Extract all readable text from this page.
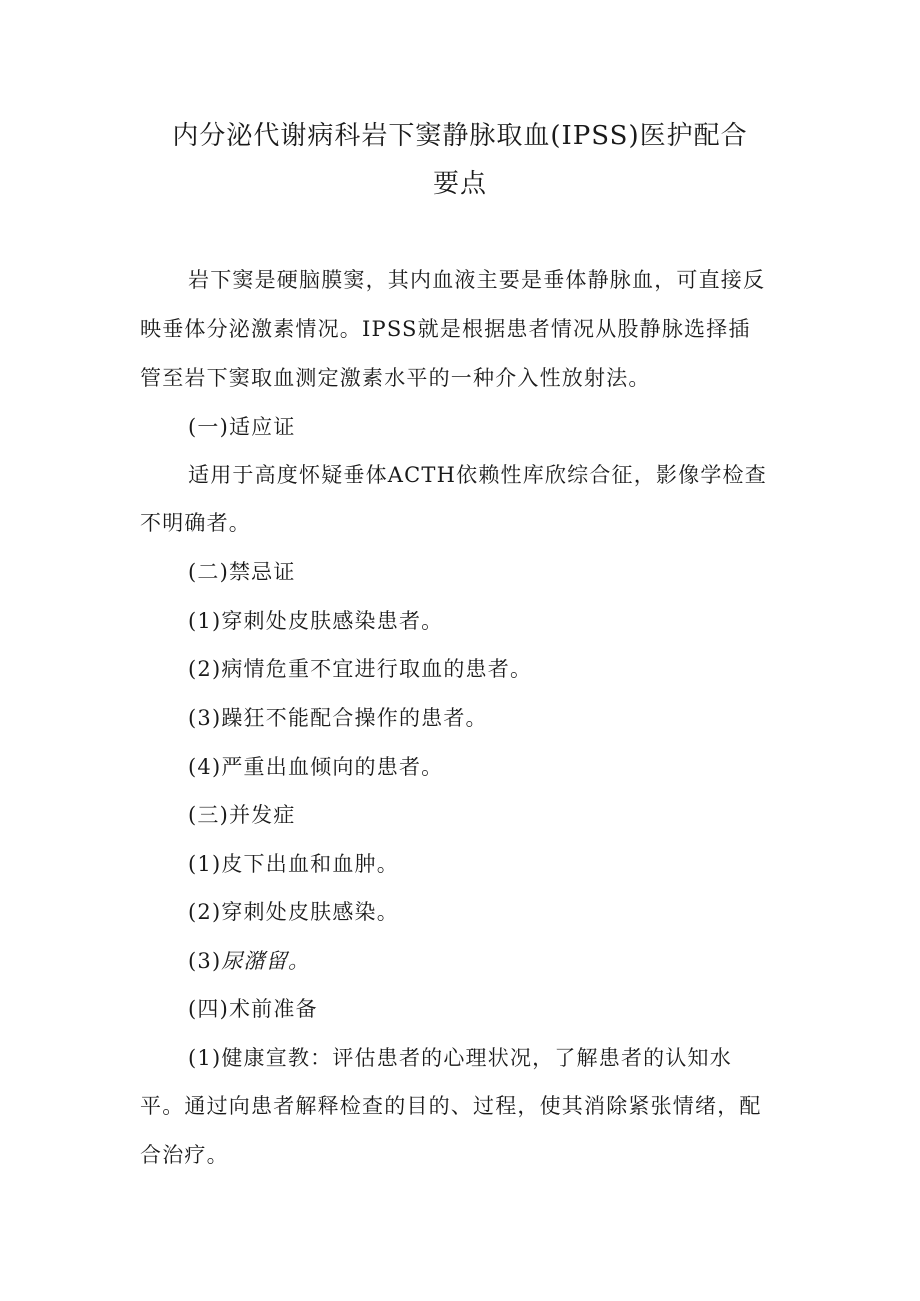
内分泌代谢病科岩下窦静脉取血(IPSS)医护配合
要点
岩下窦是硬脑膜窦，其内血液主要是垂体静脉血，可直接反
映垂体分泌激素情况。IPSS就是根据患者情况从股静脉选择插
管至岩下窦取血测定激素水平的一种介入性放射法。
(一)适应证
适用于高度怀疑垂体ACTH依赖性库欣综合征，影像学检查
不明确者。
(二)禁忌证
(1)穿刺处皮肤感染患者。
(2)病情危重不宜进行取血的患者。
(3)躁狂不能配合操作的患者。
(4)严重出血倾向的患者。
(三)并发症
(1)皮下出血和血肿。
(2)穿刺处皮肤感染。
(3)尿潴留。
(四)术前准备
(1)健康宣教：评估患者的心理状况，了解患者的认知水
平。通过向患者解释检查的目的、过程，使其消除紧张情绪，配
合治疗。
